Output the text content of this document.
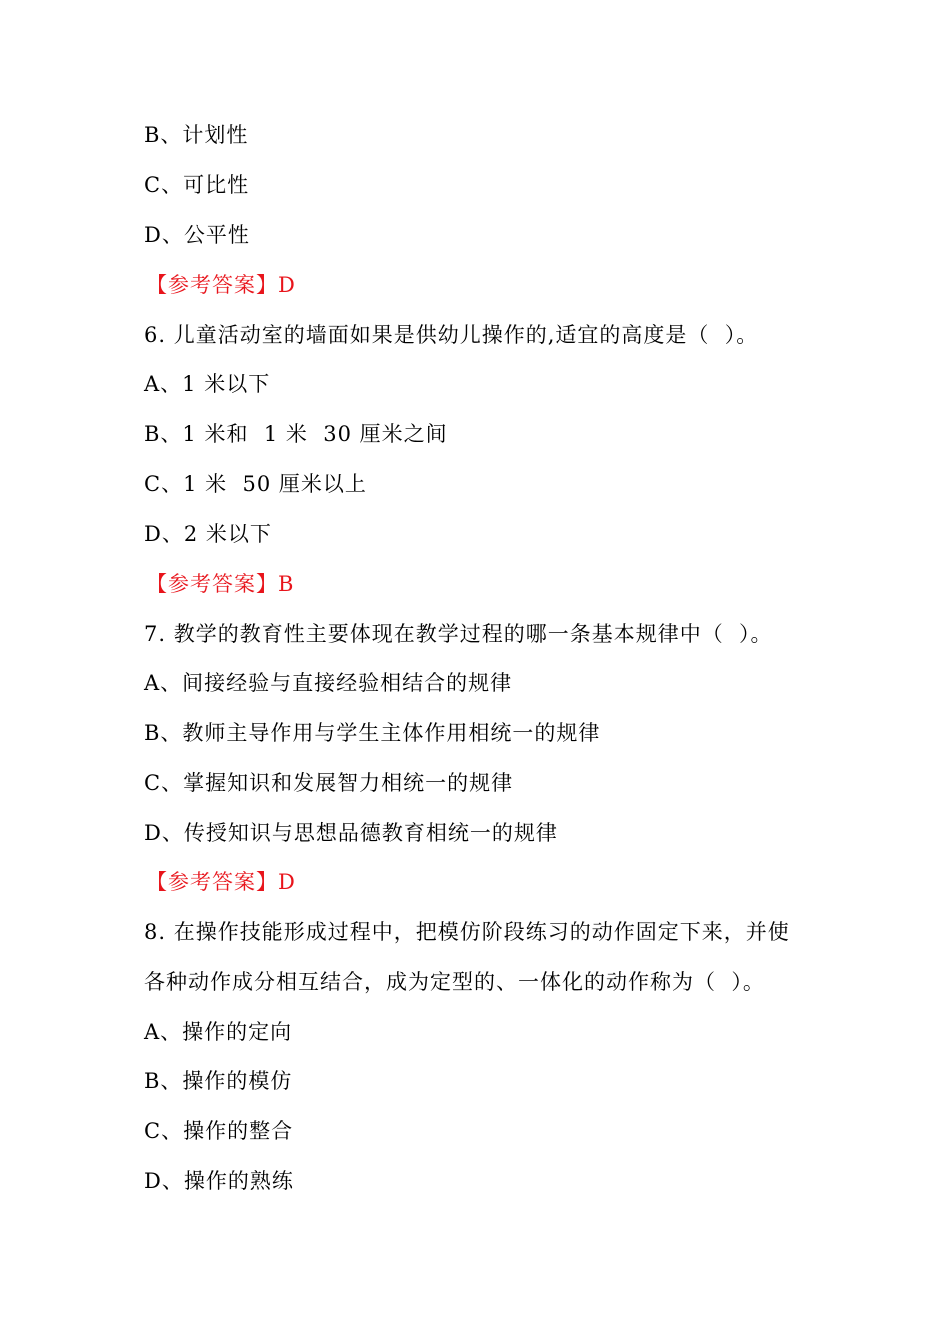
B、计划性
C、可比性
D、公平性
【参考答案】D
6. 儿童活动室的墙面如果是供幼儿操作的,适宜的高度是（  ）。
A、1 米以下
B、1 米和  1 米  30 厘米之间
C、1 米  50 厘米以上
D、2 米以下
【参考答案】B
7. 教学的教育性主要体现在教学过程的哪一条基本规律中（  ）。
A、间接经验与直接经验相结合的规律
B、教师主导作用与学生主体作用相统一的规律
C、掌握知识和发展智力相统一的规律
D、传授知识与思想品德教育相统一的规律
【参考答案】D
8. 在操作技能形成过程中，把模仿阶段练习的动作固定下来，并使
各种动作成分相互结合，成为定型的、一体化的动作称为（  ）。
A、操作的定向
B、操作的模仿
C、操作的整合
D、操作的熟练
